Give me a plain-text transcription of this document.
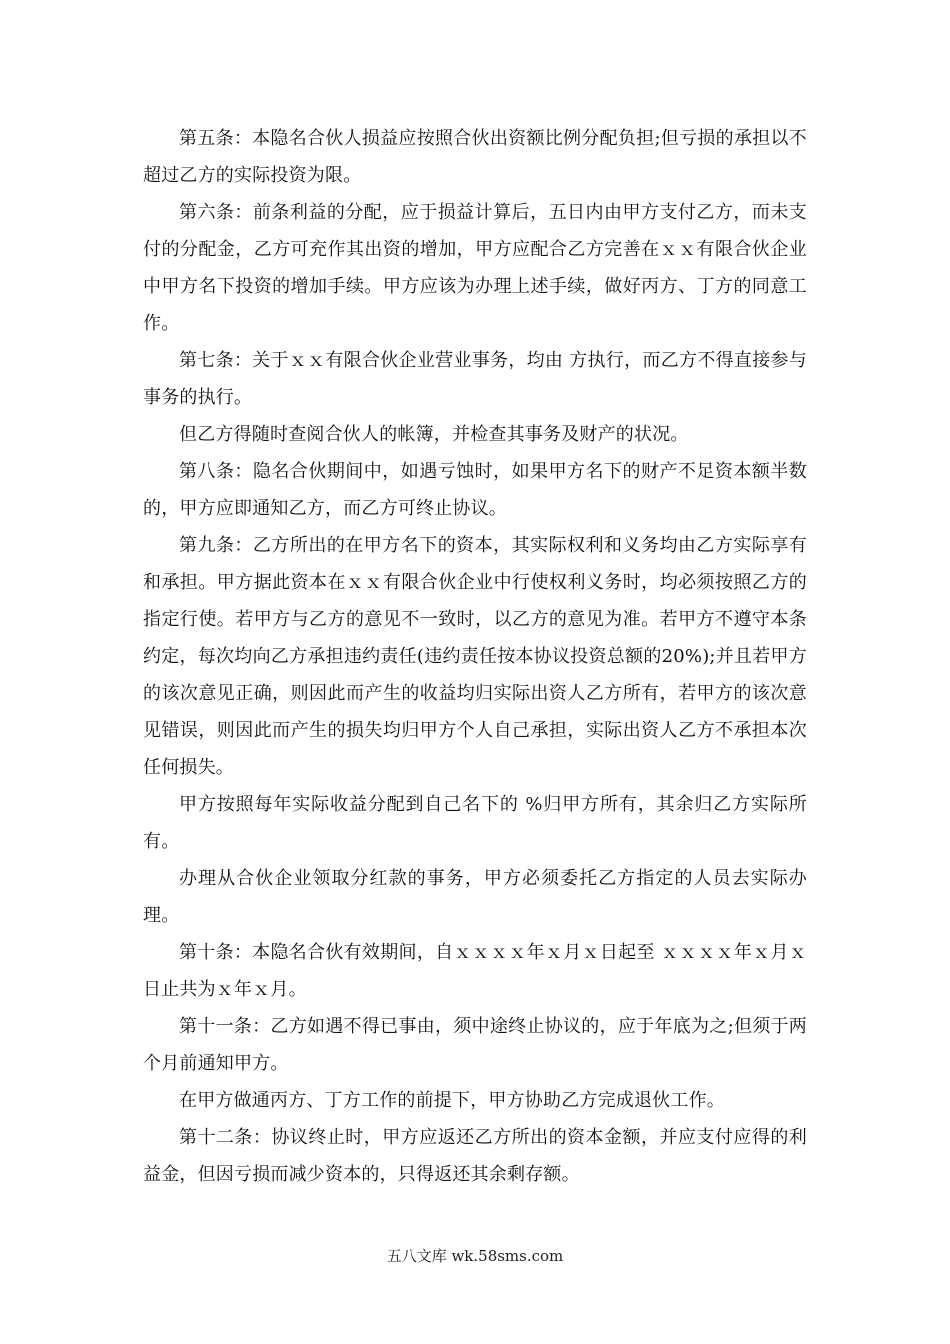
第五条：本隐名合伙人损益应按照合伙出资额比例分配负担;但亏损的承担以不超过乙方的实际投资为限。

第六条：前条利益的分配，应于损益计算后，五日内由甲方支付乙方，而未支付的分配金，乙方可充作其出资的增加，甲方应配合乙方完善在ｘｘ有限合伙企业中甲方名下投资的增加手续。甲方应该为办理上述手续，做好丙方、丁方的同意工作。

第七条：关于ｘｘ有限合伙企业营业事务，均由 方执行，而乙方不得直接参与事务的执行。

但乙方得随时查阅合伙人的帐簿，并检查其事务及财产的状况。

第八条：隐名合伙期间中，如遇亏蚀时，如果甲方名下的财产不足资本额半数的，甲方应即通知乙方，而乙方可终止协议。

第九条：乙方所出的在甲方名下的资本，其实际权利和义务均由乙方实际享有和承担。甲方据此资本在ｘｘ有限合伙企业中行使权利义务时，均必须按照乙方的指定行使。若甲方与乙方的意见不一致时，以乙方的意见为准。若甲方不遵守本条约定，每次均向乙方承担违约责任(违约责任按本协议投资总额的20%);并且若甲方的该次意见正确，则因此而产生的收益均归实际出资人乙方所有，若甲方的该次意见错误，则因此而产生的损失均归甲方个人自己承担，实际出资人乙方不承担本次任何损失。

甲方按照每年实际收益分配到自己名下的 %归甲方所有，其余归乙方实际所有。

办理从合伙企业领取分红款的事务，甲方必须委托乙方指定的人员去实际办理。

第十条：本隐名合伙有效期间，自ｘｘｘｘ年ｘ月ｘ日起至 ｘｘｘｘ年ｘ月ｘ日止共为ｘ年ｘ月。

第十一条：乙方如遇不得已事由，须中途终止协议的，应于年底为之;但须于两个月前通知甲方。

在甲方做通丙方、丁方工作的前提下，甲方协助乙方完成退伙工作。

第十二条：协议终止时，甲方应返还乙方所出的资本金额，并应支付应得的利益金，但因亏损而减少资本的，只得返还其余剩存额。

五八文库 wk.58sms.com
